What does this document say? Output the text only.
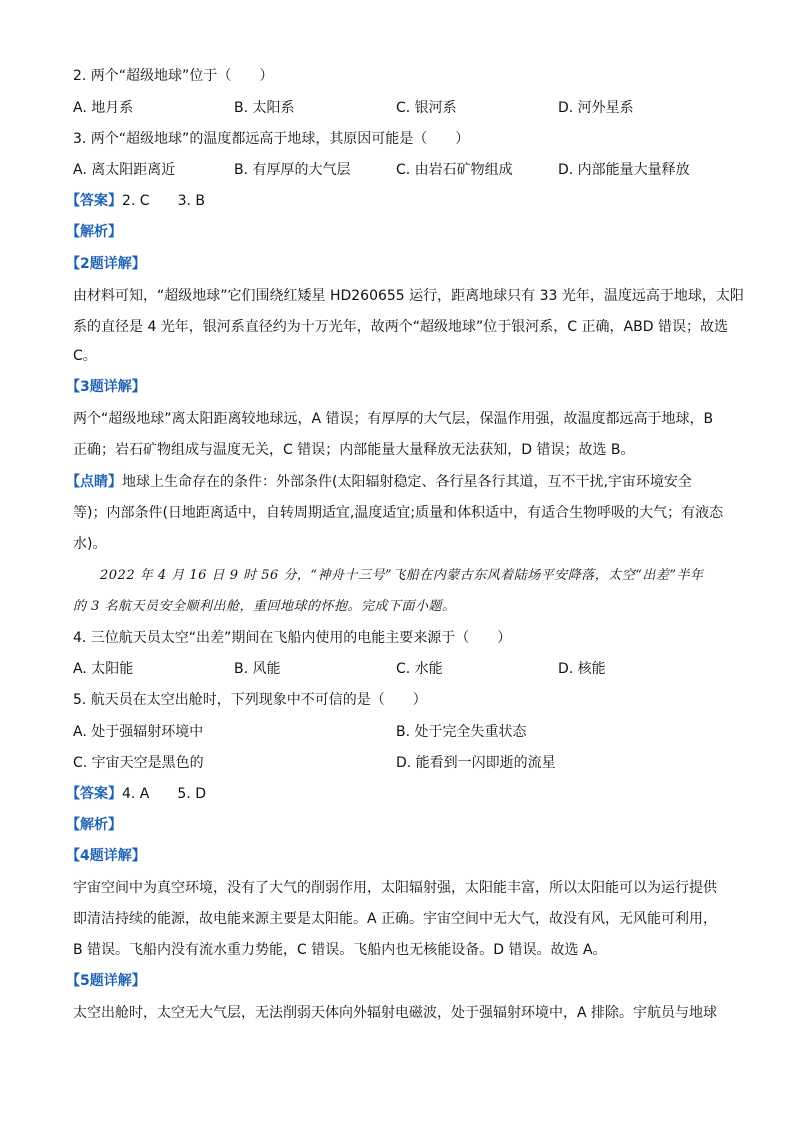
2. 两个“超级地球”位于（　　）
A. 地月系	B. 太阳系	C. 银河系	D. 河外星系
3. 两个“超级地球”的温度都远高于地球，其原因可能是（　　）
A. 离太阳距离近	B. 有厚厚的大气层	C. 由岩石矿物组成	D. 内部能量大量释放
【答案】2. C　　3. B
【解析】
【2题详解】
由材料可知，“超级地球”它们围绕红矮星 HD260655 运行，距离地球只有 33 光年，温度远高于地球，太阳
系的直径是 4 光年，银河系直径约为十万光年，故两个“超级地球”位于银河系，C 正确，ABD 错误；故选
C。
【3题详解】
两个“超级地球”离太阳距离较地球远，A 错误；有厚厚的大气层，保温作用强，故温度都远高于地球，B
正确；岩石矿物组成与温度无关，C 错误；内部能量大量释放无法获知，D 错误；故选 B。
【点睛】地球上生命存在的条件：外部条件(太阳辐射稳定、各行星各行其道，互不干扰,宇宙环境安全
等)；内部条件(日地距离适中，自转周期适宜,温度适宜;质量和体积适中，有适合生物呼吸的大气；有液态
水)。
2022 年 4 月 16 日 9 时 56 分，“神舟十三号”飞船在内蒙古东风着陆场平安降落，太空“出差”半年
的 3 名航天员安全顺利出舱，重回地球的怀抱。完成下面小题。
4. 三位航天员太空“出差”期间在飞船内使用的电能主要来源于（　　）
A. 太阳能	B. 风能	C. 水能	D. 核能
5. 航天员在太空出舱时，下列现象中不可信的是（　　）
A. 处于强辐射环境中	B. 处于完全失重状态
C. 宇宙天空是黑色的	D. 能看到一闪即逝的流星
【答案】4. A　　5. D
【解析】
【4题详解】
宇宙空间中为真空环境，没有了大气的削弱作用，太阳辐射强，太阳能丰富，所以太阳能可以为运行提供
即清洁持续的能源，故电能来源主要是太阳能。A 正确。宇宙空间中无大气，故没有风，无风能可利用，
B 错误。飞船内没有流水重力势能，C 错误。飞船内也无核能设备。D 错误。故选 A。
【5题详解】
太空出舱时，太空无大气层，无法削弱天体向外辐射电磁波，处于强辐射环境中，A 排除。宇航员与地球
